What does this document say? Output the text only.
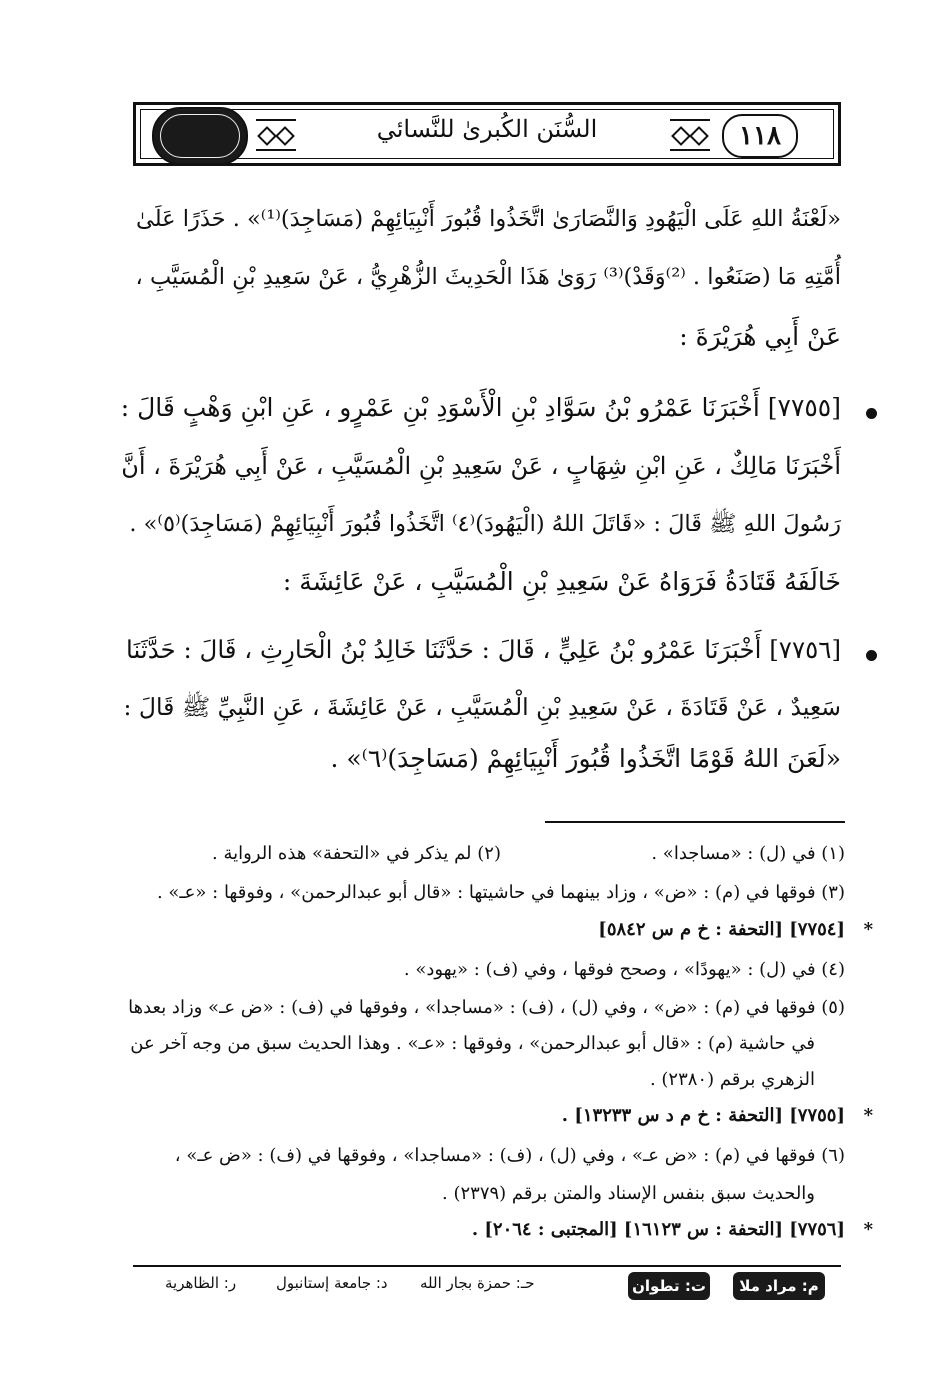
السُّنَن الكُبرىٰ للنَّسائي	١١٨
«لَعْنَةُ اللهِ عَلَى الْيَهُودِ وَالنَّصَارَىٰ اتَّخَذُوا قُبُورَ أَنْبِيَائِهِمْ (مَسَاجِدَ)⁽¹⁾» . حَذَرًا عَلَىٰ
أُمَّتِهِ مَا (صَنَعُوا . ⁽²⁾وَقَدْ)⁽³⁾ رَوَىٰ هَذَا الْحَدِيثَ الزُّهْرِيُّ ، عَنْ سَعِيدِ بْنِ الْمُسَيَّبِ ،
عَنْ أَبِي هُرَيْرَةَ :
[٧٧٥٥] أَخْبَرَنَا عَمْرُو بْنُ سَوَّادِ بْنِ الْأَسْوَدِ بْنِ عَمْرٍو ، عَنِ ابْنِ وَهْبٍ قَالَ :
أَخْبَرَنَا مَالِكٌ ، عَنِ ابْنِ شِهَابٍ ، عَنْ سَعِيدِ بْنِ الْمُسَيَّبِ ، عَنْ أَبِي هُرَيْرَةَ ، أَنَّ
رَسُولَ اللهِ ﷺ قَالَ : «قَاتَلَ اللهُ (الْيَهُودَ)⁽٤⁾ اتَّخَذُوا قُبُورَ أَنْبِيَائِهِمْ (مَسَاجِدَ)⁽٥⁾» .
خَالَفَهُ قَتَادَةُ فَرَوَاهُ عَنْ سَعِيدِ بْنِ الْمُسَيَّبِ ، عَنْ عَائِشَةَ :
[٧٧٥٦] أَخْبَرَنَا عَمْرُو بْنُ عَلِيٍّ ، قَالَ : حَدَّثَنَا خَالِدُ بْنُ الْحَارِثِ ، قَالَ : حَدَّثَنَا
سَعِيدٌ ، عَنْ قَتَادَةَ ، عَنْ سَعِيدِ بْنِ الْمُسَيَّبِ ، عَنْ عَائِشَةَ ، عَنِ النَّبِيِّ ﷺ قَالَ :
«لَعَنَ اللهُ قَوْمًا اتَّخَذُوا قُبُورَ أَنْبِيَائِهِمْ (مَسَاجِدَ)⁽٦⁾» .
(١) في (ل) : «مساجدا» .
(٢) لم يذكر في «التحفة» هذه الرواية .
(٣) فوقها في (م) : «ض» ، وزاد بينهما في حاشيتها : «قال أبو عبدالرحمن» ، وفوقها : «عـ» .
*
[٧٧٥٤] [التحفة : خ م س ٥٨٤٢]
(٤) في (ل) : «يهودًا» ، وصحح فوقها ، وفي (ف) : «يهود» .
(٥) فوقها في (م) : «ض» ، وفي (ل) ، (ف) : «مساجدا» ، وفوقها في (ف) : «ض عـ» وزاد بعدها
في حاشية (م) : «قال أبو عبدالرحمن» ، وفوقها : «عـ» . وهذا الحديث سبق من وجه آخر عن
الزهري برقم (٢٣٨٠) .
*
[٧٧٥٥] [التحفة : خ م د س ١٣٢٣٣] .
(٦) فوقها في (م) : «ض عـ» ، وفي (ل) ، (ف) : «مساجدا» ، وفوقها في (ف) : «ض عـ» ،
والحديث سبق بنفس الإسناد والمتن برقم (٢٣٧٩) .
*
[٧٧٥٦] [التحفة : س ١٦١٢٣] [المجتبى : ٢٠٦٤] .
م: مراد ملا
ت: تطوان
حـ: حمزة بجار الله
د: جامعة إستانبول
ر: الظاهرية
